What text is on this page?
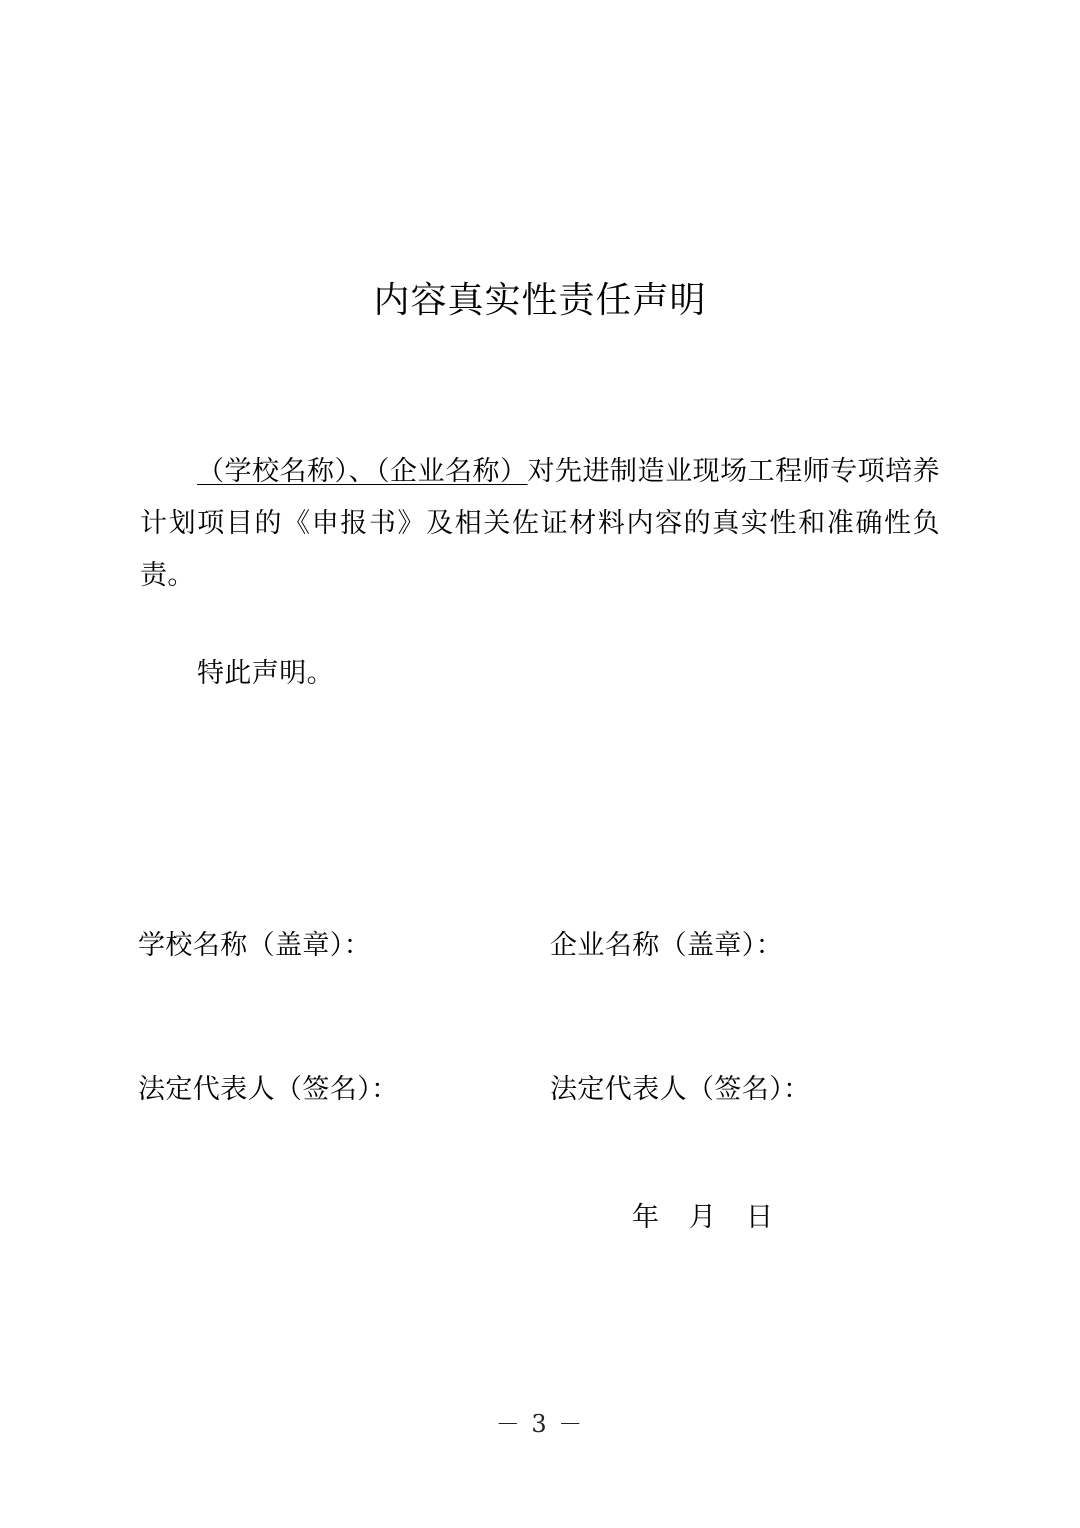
内容真实性责任声明

（学校名称）、（企业名称）对先进制造业现场工程师专项培养计划项目的《申报书》及相关佐证材料内容的真实性和准确性负责。

特此声明。
学校名称（盖章）：	企业名称（盖章）：
法定代表人（签名）：	法定代表人（签名）：
年 月 日
－ 3 －
